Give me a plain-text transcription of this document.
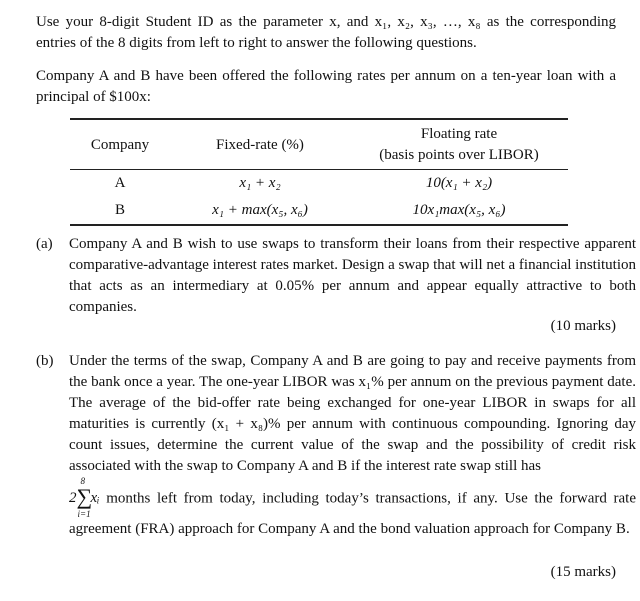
Use your 8-digit Student ID as the parameter x, and x₁, x₂, x₃, …, x₈ as the corresponding entries of the 8 digits from left to right to answer the following questions.

Company A and B have been offered the following rates per annum on a ten-year loan with a principal of $100x:

Company	Fixed-rate (%)	Floating rate
(basis points over LIBOR)

A	x₁ + x₂	10(x₁ + x₂)
B	x₁ + max(x₅, x₆)	10x₁max(x₅, x₆)
(a) Company A and B wish to use swaps to transform their loans from their respective apparent comparative-advantage interest rates market. Design a swap that will net a financial institution that acts as an intermediary at 0.05% per annum and appear equally attractive to both companies.

(10 marks)
(b) Under the terms of the swap, Company A and B are going to pay and receive payments from the bank once a year. The one-year LIBOR was x₁% per annum on the previous payment date. The average of the bid-offer rate being exchanged for one-year LIBOR in swaps for all maturities is currently (x₁ + x₈)% per annum with continuous compounding. Ignoring day count issues, determine the current value of the swap and the possibility of credit risk associated with the swap to Company A and B if the interest rate swap still has

2
8
∑
i=1
xᵢ months left from today, including today’s transactions, if any. Use the forward rate agreement (FRA) approach for Company A and the bond valuation approach for Company B.

(15 marks)
